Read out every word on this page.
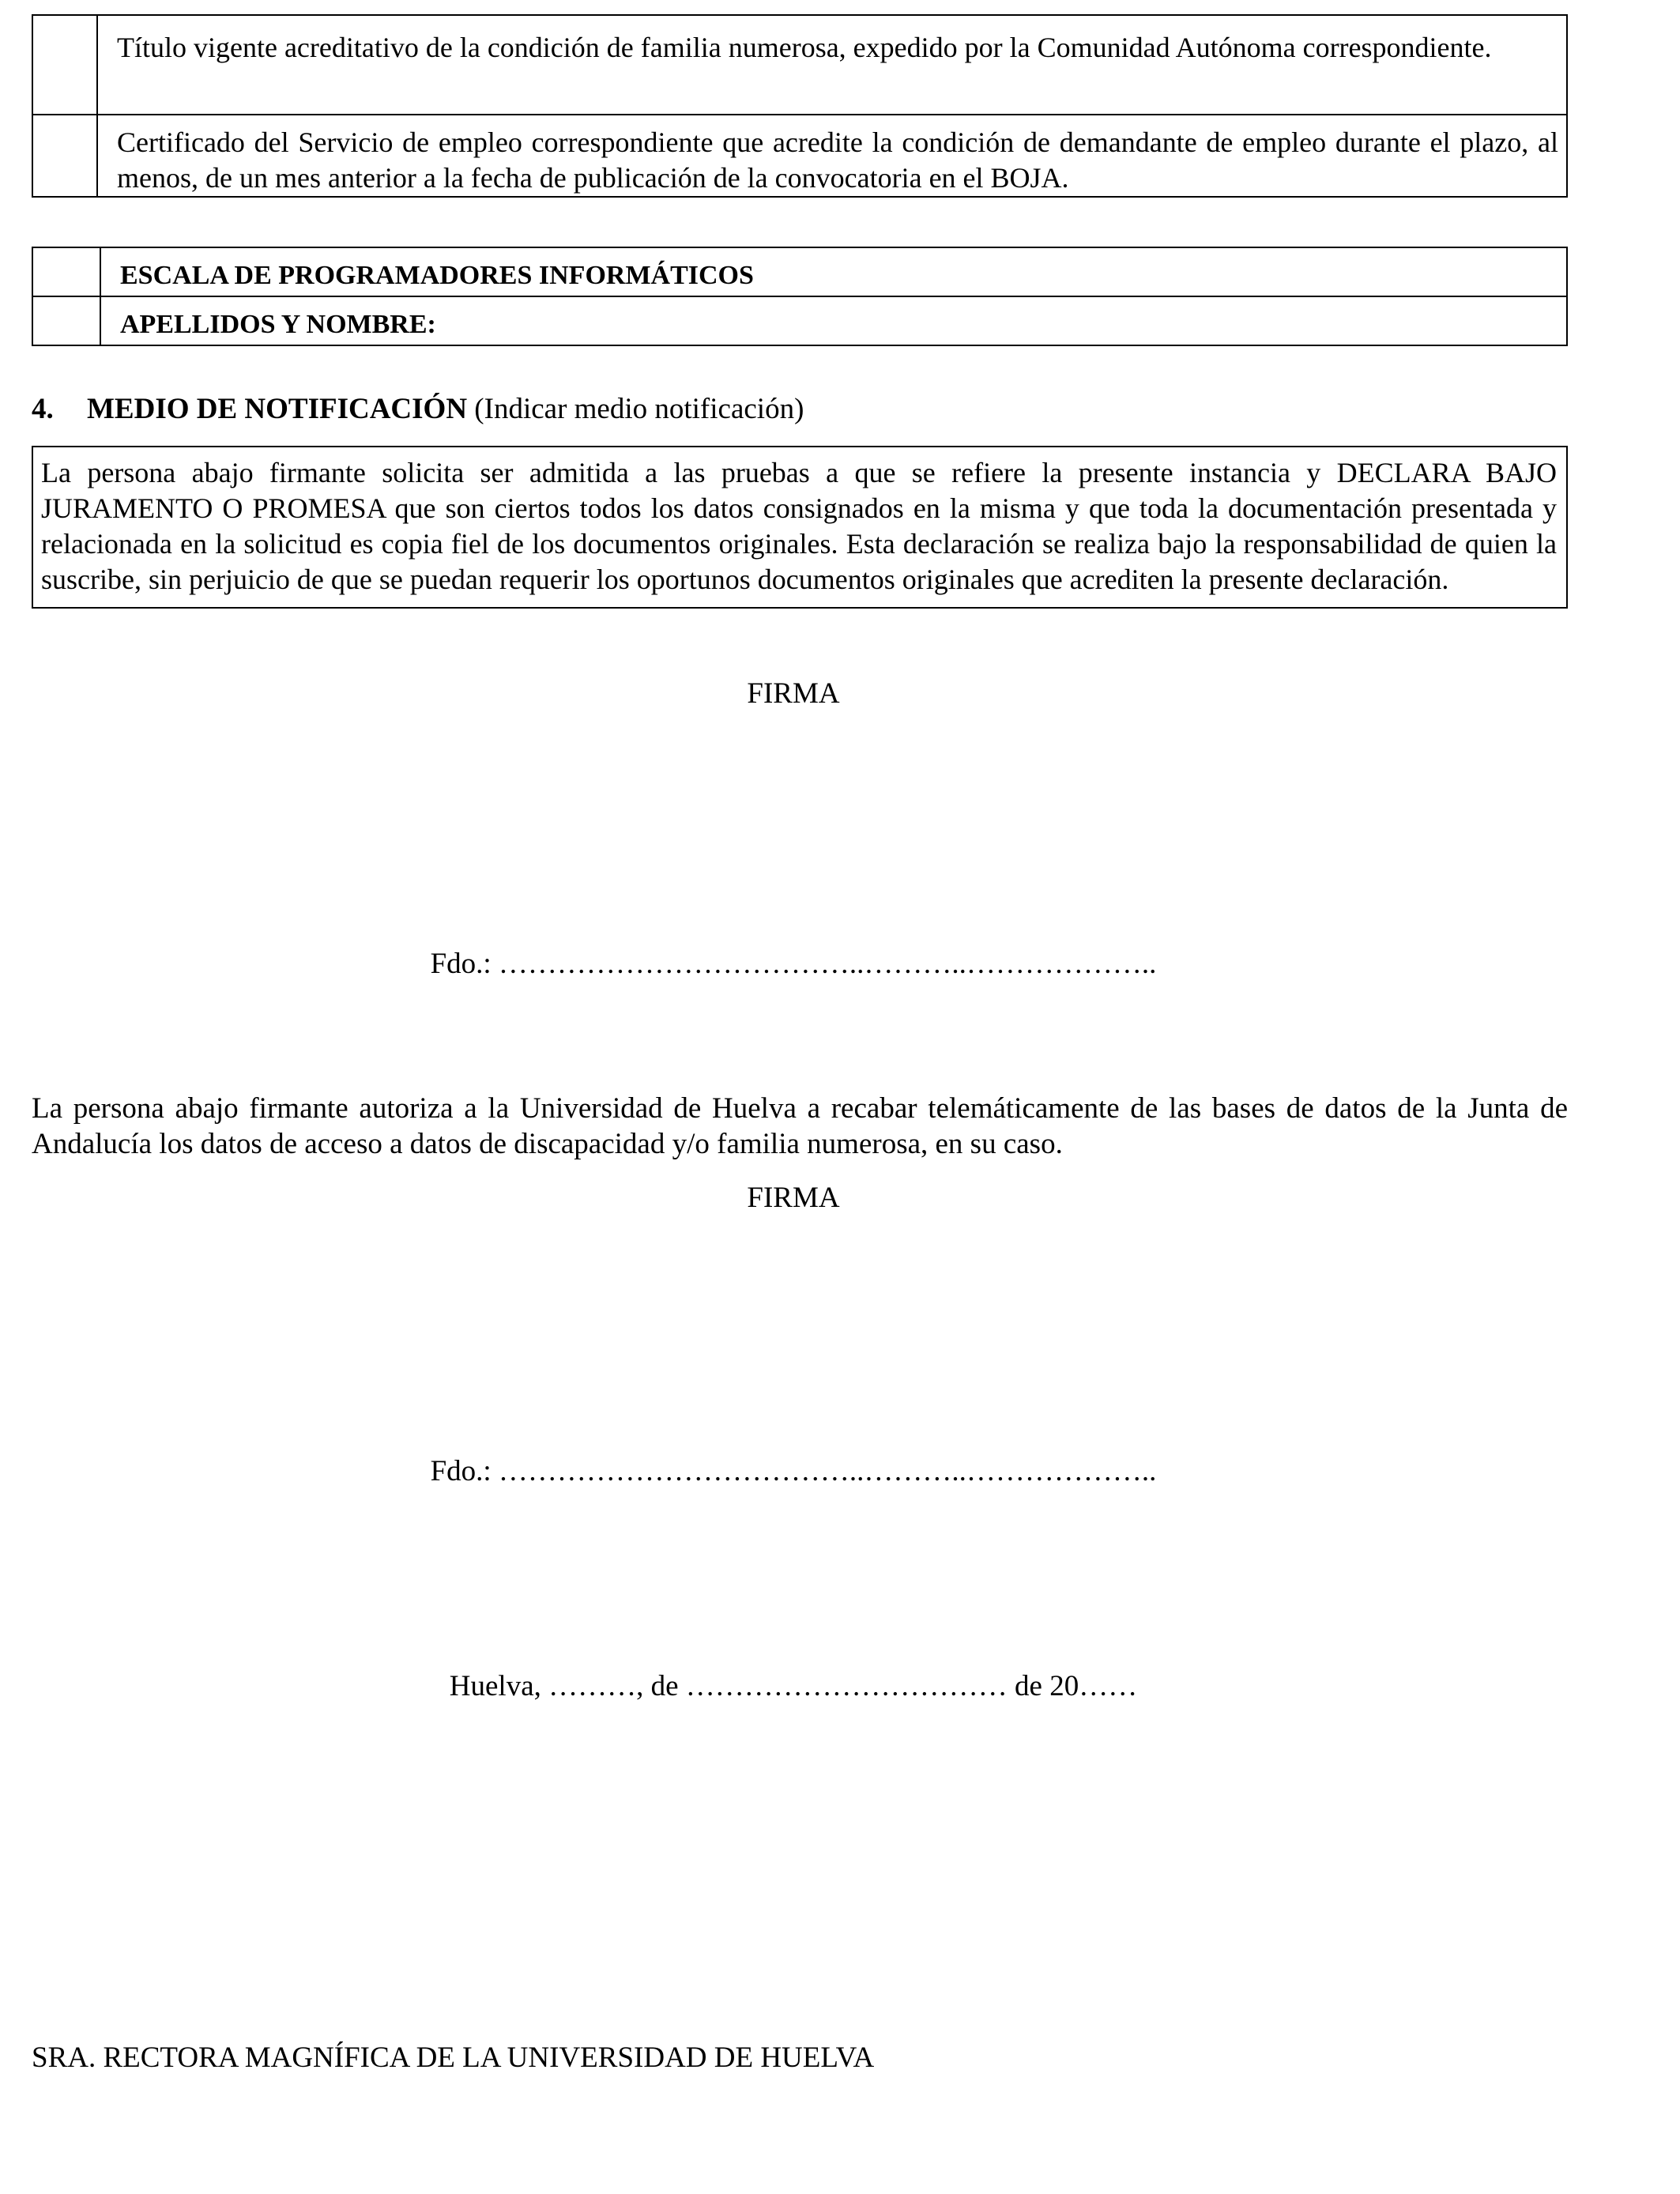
	Título vigente acreditativo de la condición de familia numerosa, expedido por la Comunidad Autónoma correspondiente.
	Certificado del Servicio de empleo correspondiente que acredite la condición de demandante de empleo durante el plazo, al menos, de un mes anterior a la fecha de publicación de la convocatoria en el BOJA.
	ESCALA DE PROGRAMADORES INFORMÁTICOS
	APELLIDOS Y NOMBRE:
4. MEDIO DE NOTIFICACIÓN (Indicar medio notificación)
La persona abajo firmante solicita ser admitida a las pruebas a que se refiere la presente instancia y DECLARA BAJO JURAMENTO O PROMESA que son ciertos todos los datos consignados en la misma y que toda la documentación presentada y relacionada en la solicitud es copia fiel de los documentos originales. Esta declaración se realiza bajo la responsabilidad de quien la suscribe, sin perjuicio de que se puedan requerir los oportunos documentos originales que acrediten la presente declaración.
FIRMA
Fdo.: ………………………………..………..………………..
La persona abajo firmante autoriza a la Universidad de Huelva a recabar telemáticamente de las bases de datos de la Junta de Andalucía los datos de acceso a datos de discapacidad y/o familia numerosa, en su caso.
FIRMA
Fdo.: ………………………………..………..………………..
Huelva, ………, de …………………………… de 20……
SRA. RECTORA MAGNÍFICA DE LA UNIVERSIDAD DE HUELVA
